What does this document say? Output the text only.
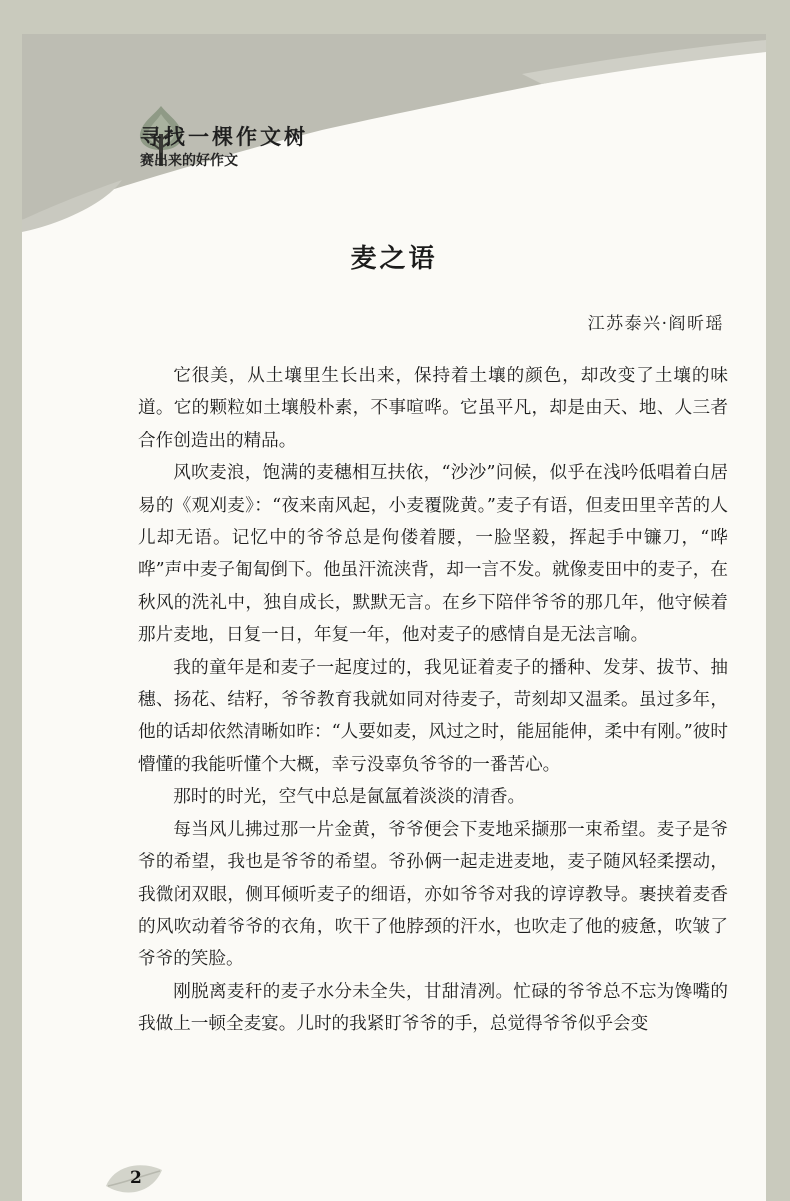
寻找一棵作文树
赛出来的好作文
麦之语
江苏泰兴·阎昕瑶

它很美，从土壤里生长出来，保持着土壤的颜色，却改变了土壤的味道。它的颗粒如土壤般朴素，不事喧哗。它虽平凡，却是由天、地、人三者合作创造出的精品。

风吹麦浪，饱满的麦穗相互扶依，“沙沙”问候，似乎在浅吟低唱着白居易的《观刈麦》：“夜来南风起，小麦覆陇黄。”麦子有语，但麦田里辛苦的人儿却无语。记忆中的爷爷总是佝偻着腰，一脸坚毅，挥起手中镰刀，“哗哗”声中麦子匍匐倒下。他虽汗流浃背，却一言不发。就像麦田中的麦子，在秋风的洗礼中，独自成长，默默无言。在乡下陪伴爷爷的那几年，他守候着那片麦地，日复一日，年复一年，他对麦子的感情自是无法言喻。

我的童年是和麦子一起度过的，我见证着麦子的播种、发芽、拔节、抽穗、扬花、结籽，爷爷教育我就如同对待麦子，苛刻却又温柔。虽过多年，他的话却依然清晰如昨：“人要如麦，风过之时，能屈能伸，柔中有刚。”彼时懵懂的我能听懂个大概，幸亏没辜负爷爷的一番苦心。

那时的时光，空气中总是氤氲着淡淡的清香。

每当风儿拂过那一片金黄，爷爷便会下麦地采撷那一束希望。麦子是爷爷的希望，我也是爷爷的希望。爷孙俩一起走进麦地，麦子随风轻柔摆动，我微闭双眼，侧耳倾听麦子的细语，亦如爷爷对我的谆谆教导。裹挟着麦香的风吹动着爷爷的衣角，吹干了他脖颈的汗水，也吹走了他的疲惫，吹皱了爷爷的笑脸。

刚脱离麦秆的麦子水分未全失，甘甜清冽。忙碌的爷爷总不忘为馋嘴的我做上一顿全麦宴。儿时的我紧盯爷爷的手，总觉得爷爷似乎会变

2
